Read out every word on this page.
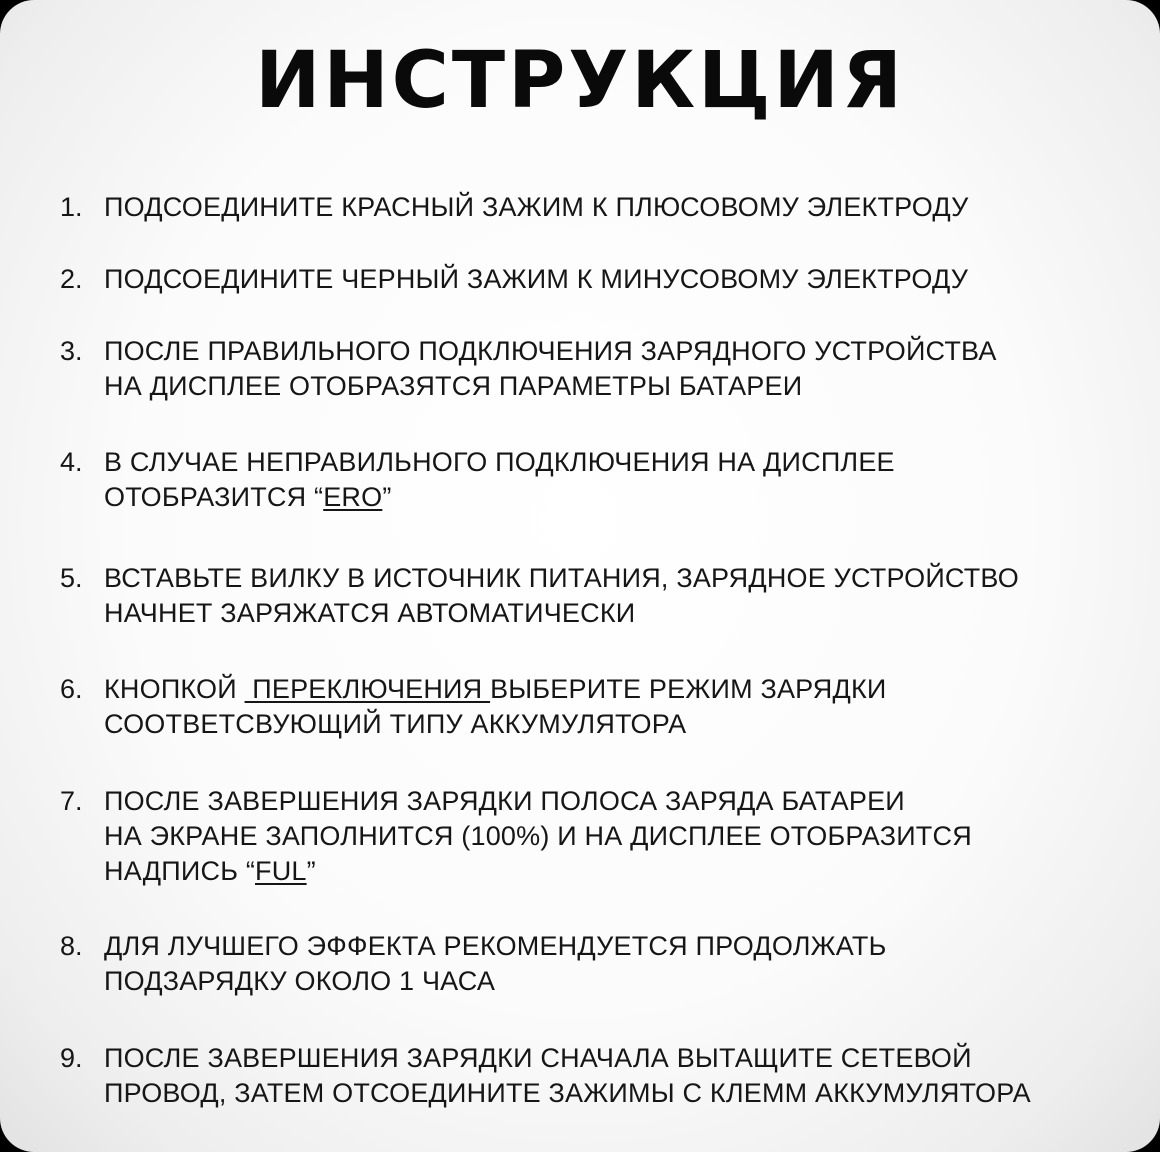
ИНСТРУКЦИЯ
1. ПОДСОЕДИНИТЕ КРАСНЫЙ ЗАЖИМ К ПЛЮСОВОМУ ЭЛЕКТРОДУ
2. ПОДСОЕДИНИТЕ ЧЕРНЫЙ ЗАЖИМ К МИНУСОВОМУ ЭЛЕКТРОДУ
3. ПОСЛЕ ПРАВИЛЬНОГО ПОДКЛЮЧЕНИЯ ЗАРЯДНОГО УСТРОЙСТВА
НА ДИСПЛЕЕ ОТОБРАЗЯТСЯ ПАРАМЕТРЫ БАТАРЕИ
4. В СЛУЧАЕ НЕПРАВИЛЬНОГО ПОДКЛЮЧЕНИЯ НА ДИСПЛЕЕ
ОТОБРАЗИТСЯ “ERO”
5. ВСТАВЬТЕ ВИЛКУ В ИСТОЧНИК ПИТАНИЯ, ЗАРЯДНОЕ УСТРОЙСТВО
НАЧНЕТ ЗАРЯЖАТСЯ АВТОМАТИЧЕСКИ
6. КНОПКОЙ  ПЕРЕКЛЮЧЕНИЯ ВЫБЕРИТЕ РЕЖИМ ЗАРЯДКИ
СООТВЕТСВУЮЩИЙ ТИПУ АККУМУЛЯТОРА
7. ПОСЛЕ ЗАВЕРШЕНИЯ ЗАРЯДКИ ПОЛОСА ЗАРЯДА БАТАРЕИ
НА ЭКРАНЕ ЗАПОЛНИТСЯ (100%) И НА ДИСПЛЕЕ ОТОБРАЗИТСЯ
НАДПИСЬ “FUL”
8. ДЛЯ ЛУЧШЕГО ЭФФЕКТА РЕКОМЕНДУЕТСЯ ПРОДОЛЖАТЬ
ПОДЗАРЯДКУ ОКОЛО 1 ЧАСА
9. ПОСЛЕ ЗАВЕРШЕНИЯ ЗАРЯДКИ СНАЧАЛА ВЫТАЩИТЕ СЕТЕВОЙ
ПРОВОД, ЗАТЕМ ОТСОЕДИНИТЕ ЗАЖИМЫ С КЛЕММ АККУМУЛЯТОРА
